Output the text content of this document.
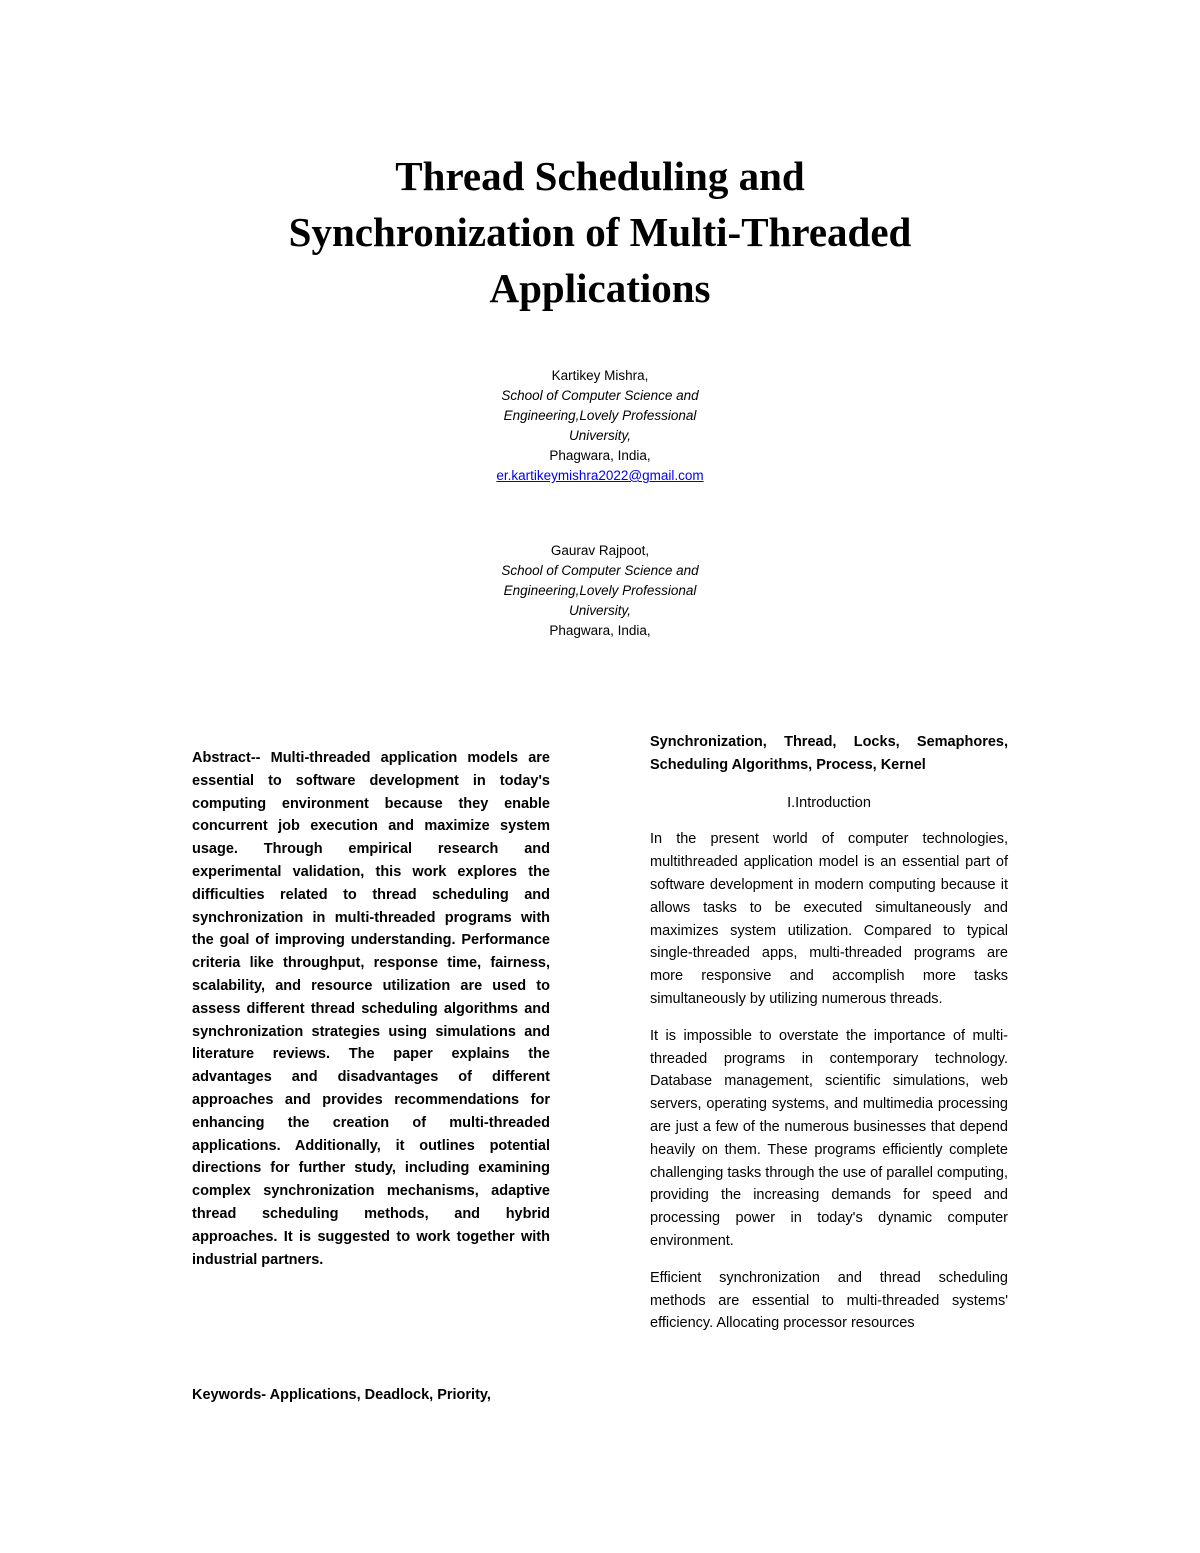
Thread Scheduling and
Synchronization of Multi-Threaded
Applications
Kartikey Mishra,
School of Computer Science and
Engineering,Lovely Professional
University,
Phagwara, India,
er.kartikeymishra2022@gmail.com
Gaurav Rajpoot,
School of Computer Science and
Engineering,Lovely Professional
University,
Phagwara, India,

Abstract-- Multi-threaded application models are essential to software development in today's computing environment because they enable concurrent job execution and maximize system usage. Through empirical research and experimental validation, this work explores the difficulties related to thread scheduling and synchronization in multi-threaded programs with the goal of improving understanding. Performance criteria like throughput, response time, fairness, scalability, and resource utilization are used to assess different thread scheduling algorithms and synchronization strategies using simulations and literature reviews. The paper explains the advantages and disadvantages of different approaches and provides recommendations for enhancing the creation of multi-threaded applications. Additionally, it outlines potential directions for further study, including examining complex synchronization mechanisms, adaptive thread scheduling methods, and hybrid approaches. It is suggested to work together with industrial partners.

Keywords- Applications, Deadlock, Priority,

Synchronization, Thread, Locks, Semaphores, Scheduling Algorithms, Process, Kernel

I.Introduction

In the present world of computer technologies, multithreaded application model is an essential part of software development in modern computing because it allows tasks to be executed simultaneously and maximizes system utilization. Compared to typical single-threaded apps, multi-threaded programs are more responsive and accomplish more tasks simultaneously by utilizing numerous threads.

It is impossible to overstate the importance of multi-threaded programs in contemporary technology. Database management, scientific simulations, web servers, operating systems, and multimedia processing are just a few of the numerous businesses that depend heavily on them. These programs efficiently complete challenging tasks through the use of parallel computing, providing the increasing demands for speed and processing power in today's dynamic computer environment.

Efficient synchronization and thread scheduling methods are essential to multi-threaded systems' efficiency. Allocating processor resources
